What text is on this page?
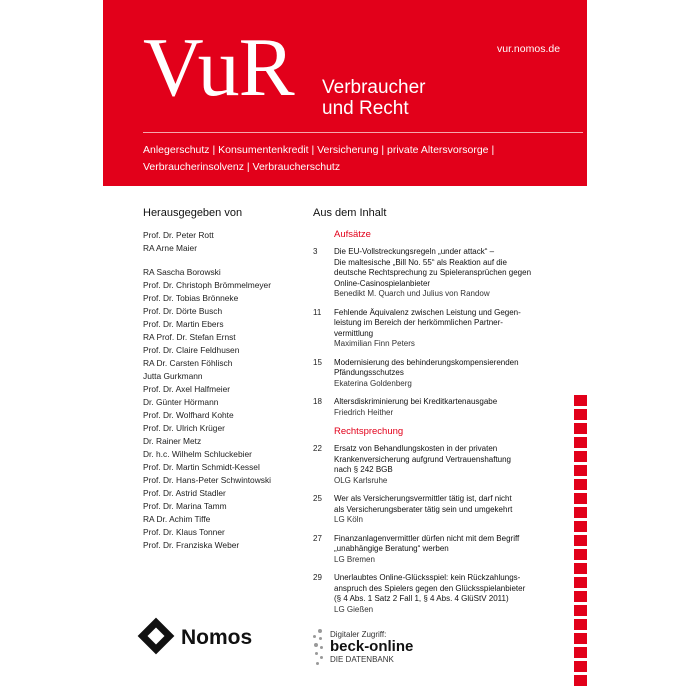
VuR Verbraucher
und Recht
vur.nomos.de
Anlegerschutz | Konsumentenkredit | Versicherung | private Altersvorsorge |
Verbraucherinsolvenz | Verbraucherschutz
Herausgegeben von
Prof. Dr. Peter Rott
RA Arne Maier
RA Sascha Borowski
Prof. Dr. Christoph Brömmelmeyer
Prof. Dr. Tobias Brönneke
Prof. Dr. Dörte Busch
Prof. Dr. Martin Ebers
RA Prof. Dr. Stefan Ernst
Prof. Dr. Claire Feldhusen
RA Dr. Carsten Föhlisch
Jutta Gurkmann
Prof. Dr. Axel Halfmeier
Dr. Günter Hörmann
Prof. Dr. Wolfhard Kohte
Prof. Dr. Ulrich Krüger
Dr. Rainer Metz
Dr. h.c. Wilhelm Schluckebier
Prof. Dr. Martin Schmidt-Kessel
Prof. Dr. Hans-Peter Schwintowski
Prof. Dr. Astrid Stadler
Prof. Dr. Marina Tamm
RA Dr. Achim Tiffe
Prof. Dr. Klaus Tonner
Prof. Dr. Franziska Weber
Aus dem Inhalt
Aufsätze
3 Die EU-Vollstreckungsregeln „under attack“ –
Die maltesische „Bill No. 55“ als Reaktion auf die
deutsche Rechtsprechung zu Spieleransprüchen gegen
Online-Casinospielanbieter
Benedikt M. Quarch und Julius von Randow
11 Fehlende Äquivalenz zwischen Leistung und Gegen-
leistung im Bereich der herkömmlichen Partner-
vermittlung
Maximilian Finn Peters
15 Modernisierung des behinderungskompensierenden
Pfändungsschutzes
Ekaterina Goldenberg
18 Altersdiskriminierung bei Kreditkartenausgabe
Friedrich Heither
Rechtsprechung
22 Ersatz von Behandlungskosten in der privaten
Krankenversicherung aufgrund Vertrauenshaftung
nach § 242 BGB
OLG Karlsruhe
25 Wer als Versicherungsvermittler tätig ist, darf nicht
als Versicherungsberater tätig sein und umgekehrt
LG Köln
27 Finanzanlagenvermittler dürfen nicht mit dem Begriff
„unabhängige Beratung“ werben
LG Bremen
29 Unerlaubtes Online-Glücksspiel: kein Rückzahlungs-
anspruch des Spielers gegen den Glücksspielanbieter
(§ 4 Abs. 1 Satz 2 Fall 1, § 4 Abs. 4 GlüStV 2011)
LG Gießen
Nomos	Digitaler Zugriff:
beck-online
DIE DATENBANK
